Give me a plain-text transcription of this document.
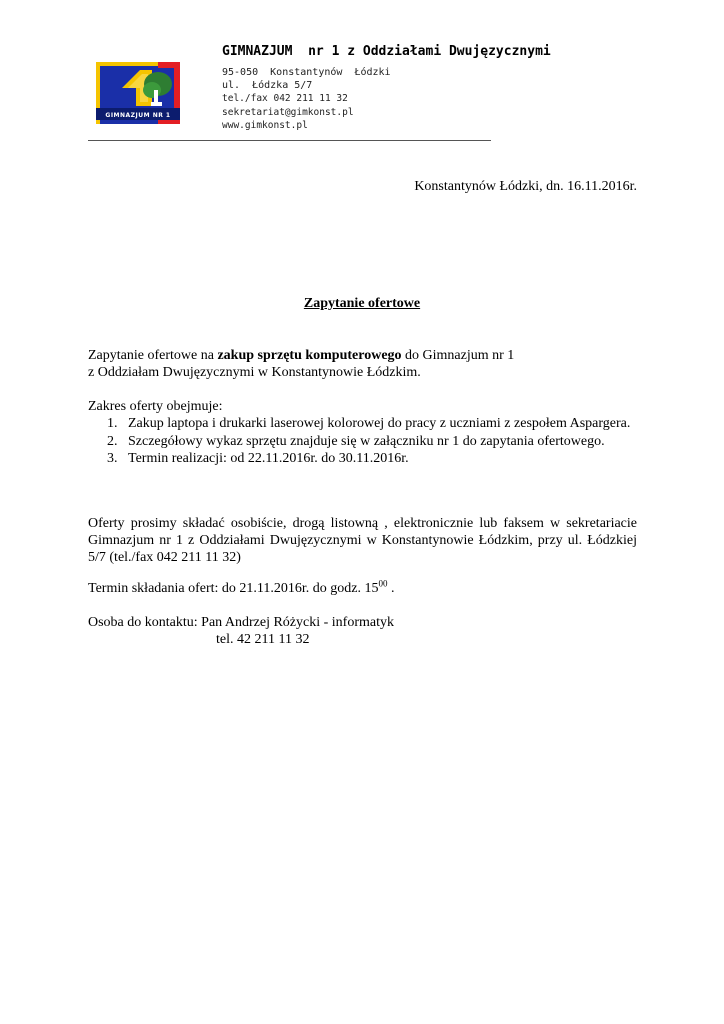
GIMNAZJUM NR 1
GIMNAZJUM  nr 1 z Oddziałami Dwujęzycznymi
95-050  Konstantynów  Łódzki
ul.  Łódzka 5/7
tel./fax 042 211 11 32
sekretariat@gimkonst.pl
www.gimkonst.pl
Konstantynów Łódzki, dn. 16.11.2016r.
Zapytanie ofertowe
Zapytanie ofertowe na zakup sprzętu komputerowego do Gimnazjum nr 1
z Oddziałam Dwujęzycznymi w Konstantynowie Łódzkim.
Zakres oferty obejmuje:
1. Zakup laptopa i drukarki laserowej kolorowej do pracy z uczniami z zespołem Aspargera.
2. Szczegółowy wykaz sprzętu znajduje się w załączniku nr 1 do zapytania ofertowego.
3. Termin realizacji: od 22.11.2016r. do 30.11.2016r.
Oferty prosimy składać osobiście, drogą listowną , elektronicznie lub faksem w sekretariacie Gimnazjum nr 1 z Oddziałami Dwujęzycznymi w Konstantynowie Łódzkim, przy ul. Łódzkiej 5/7 (tel./fax 042 211 11 32)
Termin składania ofert: do 21.11.2016r. do godz. $15^{00}$ .
Osoba do kontaktu: Pan Andrzej Różycki - informatyk
tel. 42 211 11 32
